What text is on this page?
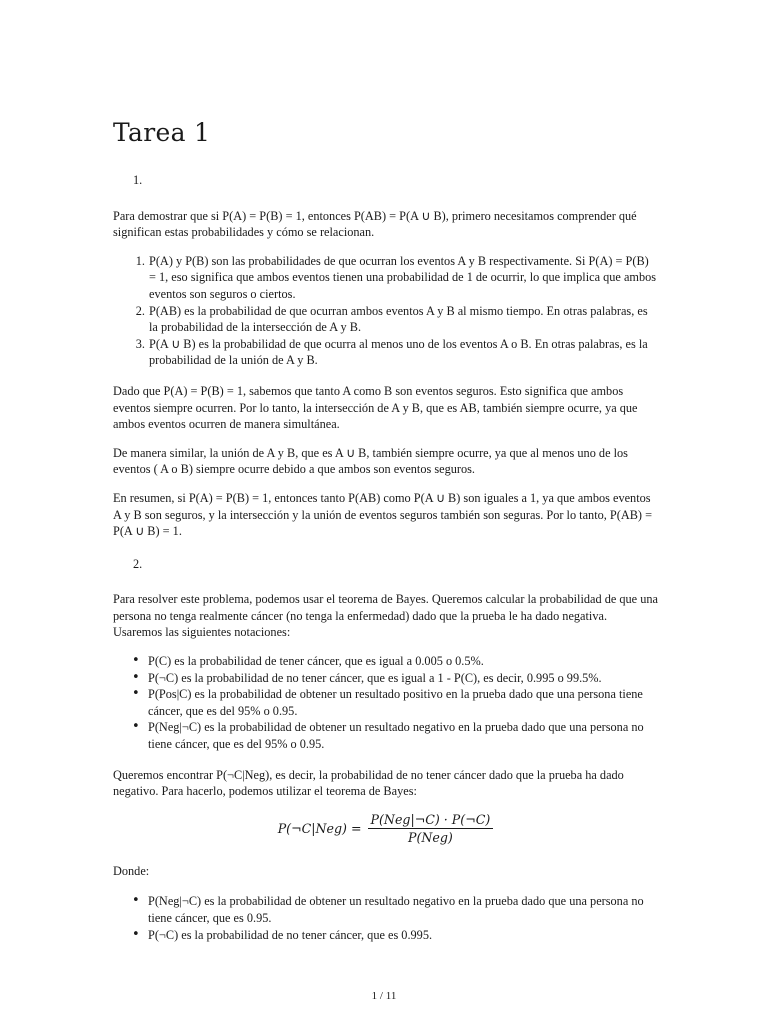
Tarea 1
1.

Para demostrar que si P(A) = P(B) = 1, entonces P(AB) = P(A ∪ B), primero necesitamos comprender qué significan estas probabilidades y cómo se relacionan.

1. P(A) y P(B) son las probabilidades de que ocurran los eventos A y B respectivamente. Si P(A) = P(B) = 1, eso significa que ambos eventos tienen una probabilidad de 1 de ocurrir, lo que implica que ambos eventos son seguros o ciertos.
2. P(AB) es la probabilidad de que ocurran ambos eventos A y B al mismo tiempo. En otras palabras, es la probabilidad de la intersección de A y B.
3. P(A ∪ B) es la probabilidad de que ocurra al menos uno de los eventos A o B. En otras palabras, es la probabilidad de la unión de A y B.

Dado que P(A) = P(B) = 1, sabemos que tanto A como B son eventos seguros. Esto significa que ambos eventos siempre ocurren. Por lo tanto, la intersección de A y B, que es AB, también siempre ocurre, ya que ambos eventos ocurren de manera simultánea.

De manera similar, la unión de A y B, que es A ∪ B, también siempre ocurre, ya que al menos uno de los eventos ( A o B) siempre ocurre debido a que ambos son eventos seguros.

En resumen, si P(A) = P(B) = 1, entonces tanto P(AB) como P(A ∪ B) son iguales a 1, ya que ambos eventos A y B son seguros, y la intersección y la unión de eventos seguros también son seguras. Por lo tanto, P(AB) = P(A ∪ B) = 1.

2.

Para resolver este problema, podemos usar el teorema de Bayes. Queremos calcular la probabilidad de que una persona no tenga realmente cáncer (no tenga la enfermedad) dado que la prueba le ha dado negativa. Usaremos las siguientes notaciones:

• P(C) es la probabilidad de tener cáncer, que es igual a 0.005 o 0.5%.
• P(¬C) es la probabilidad de no tener cáncer, que es igual a 1 - P(C), es decir, 0.995 o 99.5%.
• P(Pos|C) es la probabilidad de obtener un resultado positivo en la prueba dado que una persona tiene cáncer, que es del 95% o 0.95.
• P(Neg|¬C) es la probabilidad de obtener un resultado negativo en la prueba dado que una persona no tiene cáncer, que es del 95% o 0.95.

Queremos encontrar P(¬C|Neg), es decir, la probabilidad de no tener cáncer dado que la prueba ha dado negativo. Para hacerlo, podemos utilizar el teorema de Bayes:

P(¬C|Neg) = $\frac{\text{P(Neg|¬C) · P(¬C)}}{\text{P(Neg)}}$

Donde:

• P(Neg|¬C) es la probabilidad de obtener un resultado negativo en la prueba dado que una persona no tiene cáncer, que es 0.95.
• P(¬C) es la probabilidad de no tener cáncer, que es 0.995.
1 / 11
